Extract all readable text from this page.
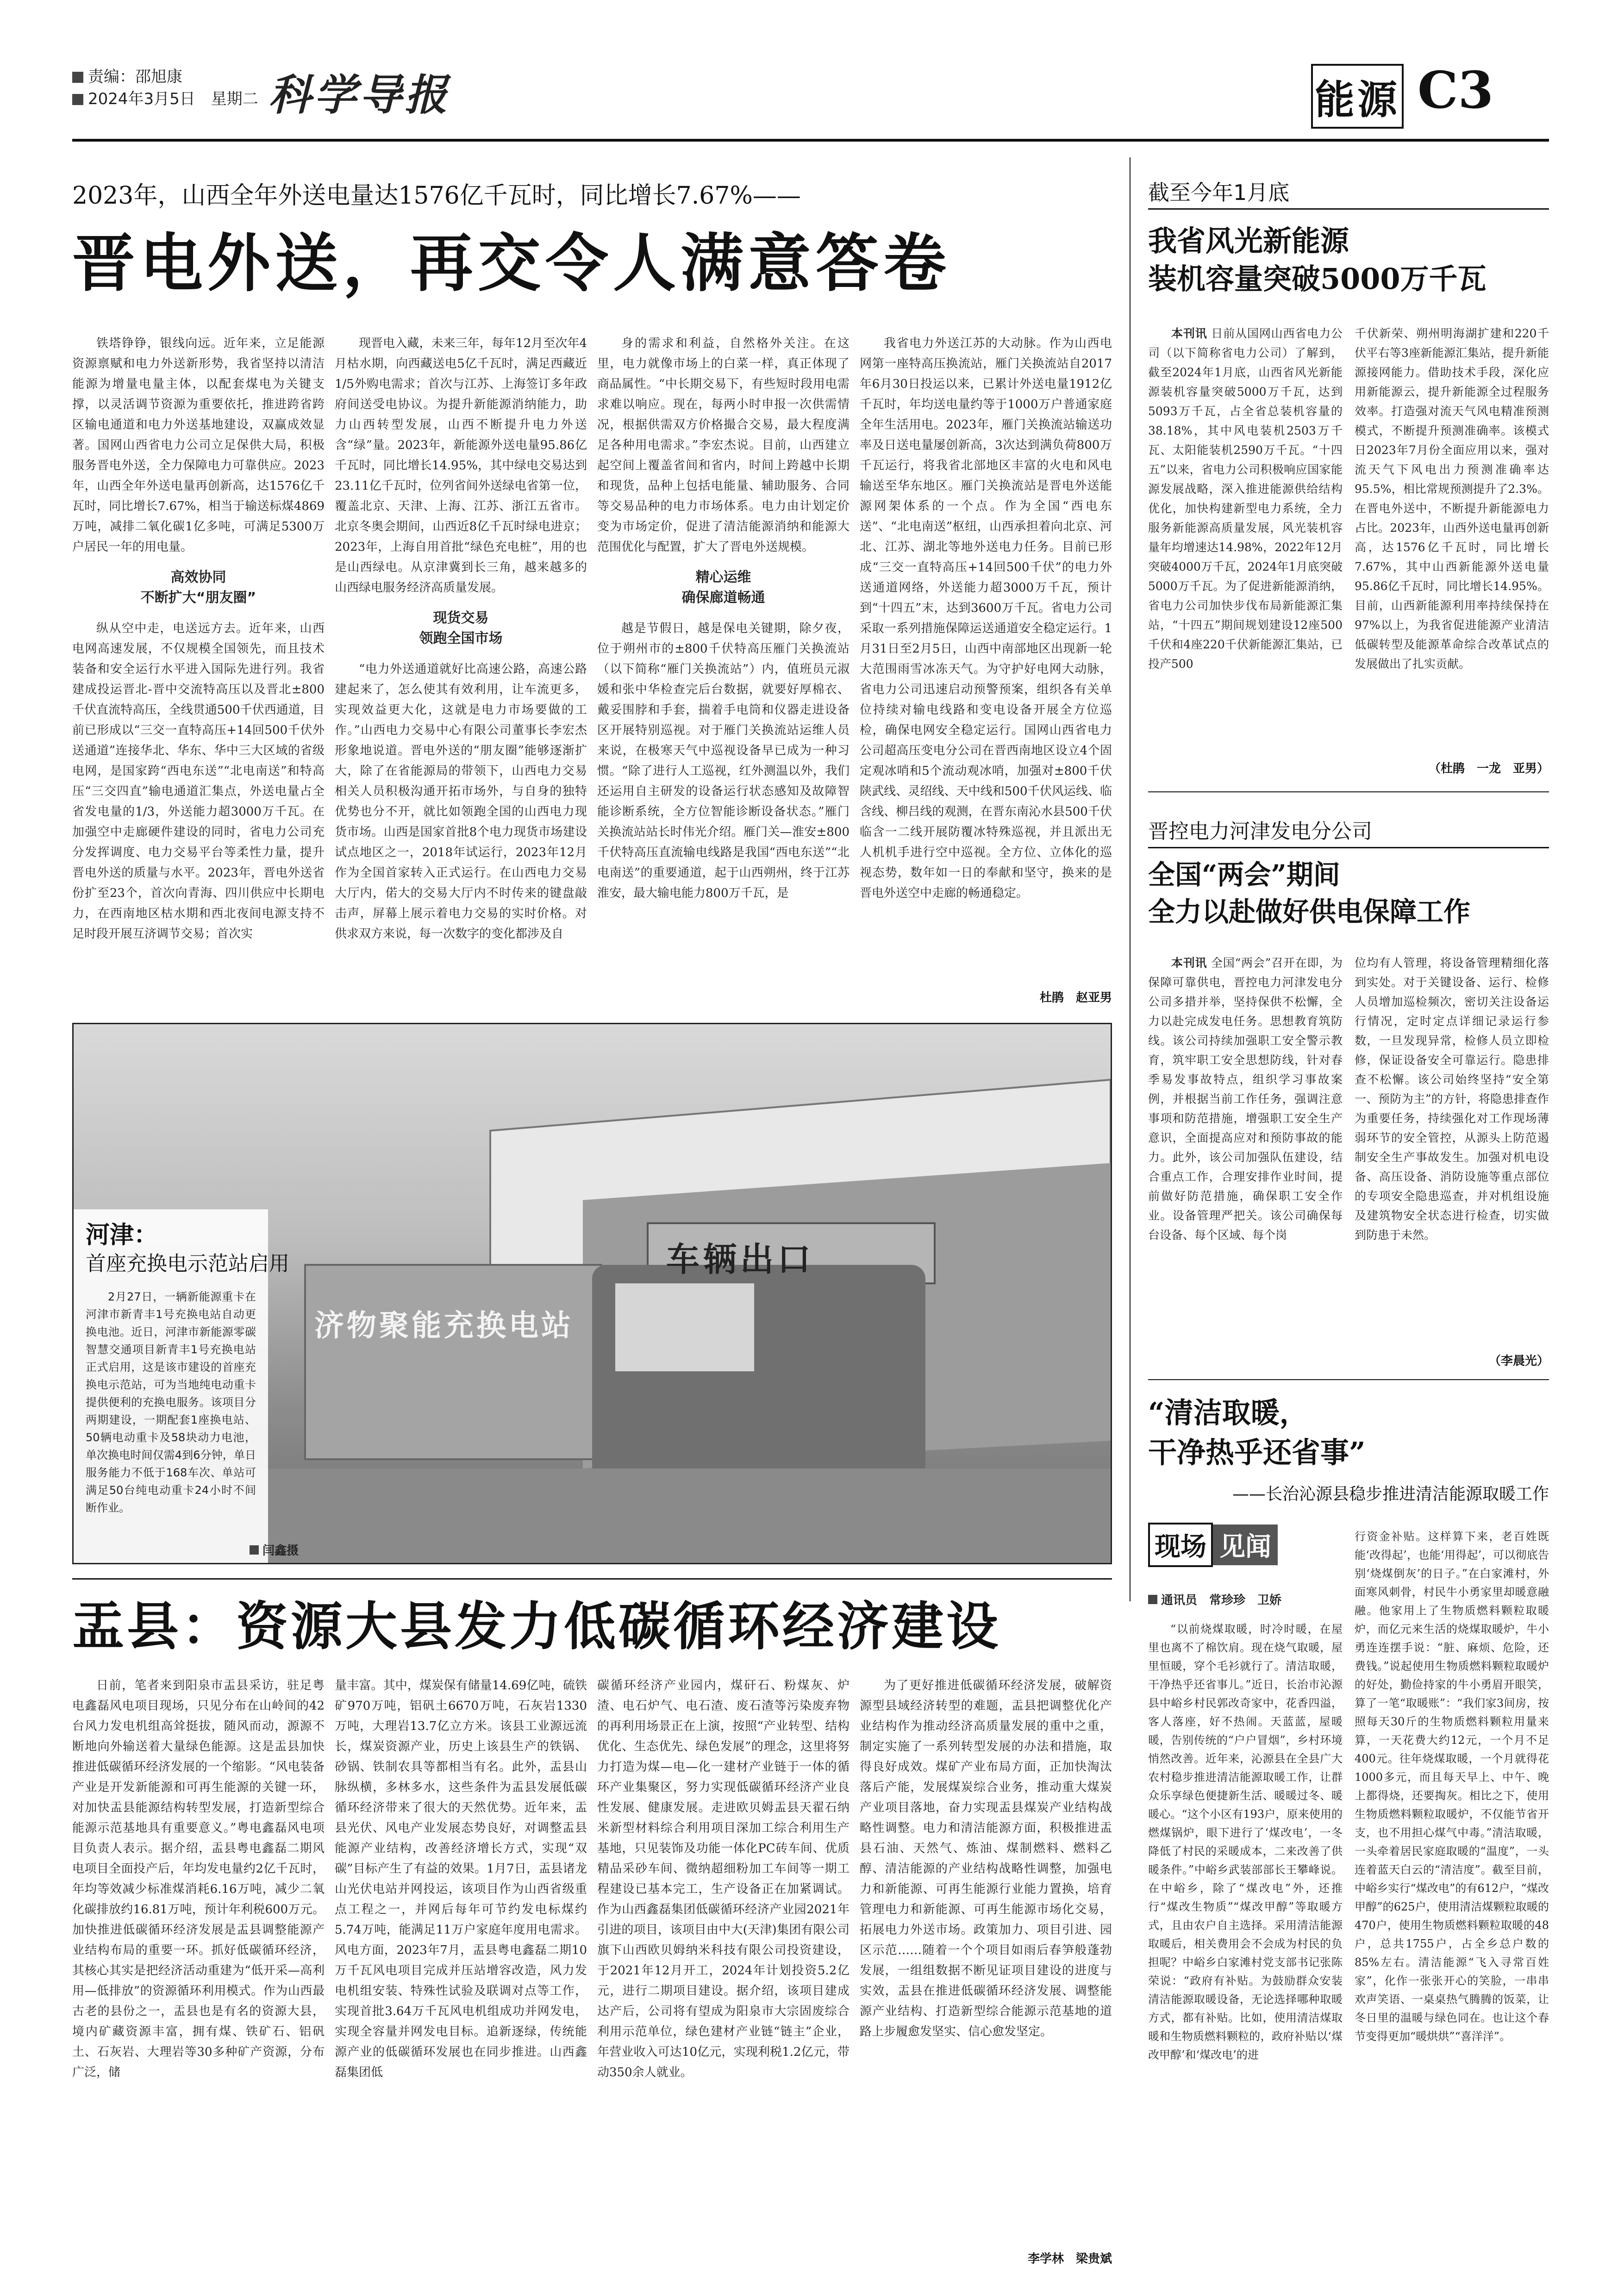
责编：邵旭康
2024年3月5日　星期二 科学导报	能源 C3
2023年，山西全年外送电量达1576亿千瓦时，同比增长7.67%——
晋电外送，再交令人满意答卷

铁塔铮铮，银线向远。近年来，立足能源资源禀赋和电力外送新形势，我省坚持以清洁能源为增量电量主体，以配套煤电为关键支撑，以灵活调节资源为重要依托，推进跨省跨区输电通道和电力外送基地建设，双赢成效显著。国网山西省电力公司立足保供大局，积极服务晋电外送，全力保障电力可靠供应。2023年，山西全年外送电量再创新高，达1576亿千瓦时，同比增长7.67%，相当于输送标煤4869万吨，减排二氧化碳1亿多吨，可满足5300万户居民一年的用电量。

高效协同
不断扩大“朋友圈”

纵从空中走，电送远方去。近年来，山西电网高速发展，不仅规模全国领先，而且技术装备和安全运行水平进入国际先进行列。我省建成投运晋北-晋中交流特高压以及晋北±800千伏直流特高压，全线贯通500千伏西通道，目前已形成以“三交一直特高压+14回500千伏外送通道”连接华北、华东、华中三大区域的省级电网，是国家跨“西电东送”“北电南送”和特高压“三交四直”输电通道汇集点，外送电量占全省发电量的1/3，外送能力超3000万千瓦。在加强空中走廊硬件建设的同时，省电力公司充分发挥调度、电力交易平台等柔性力量，提升晋电外送的质量与水平。2023年，晋电外送省份扩至23个，首次向青海、四川供应中长期电力，在西南地区枯水期和西北夜间电源支持不足时段开展互济调节交易；首次实

现晋电入藏，未来三年，每年12月至次年4月枯水期，向西藏送电5亿千瓦时，满足西藏近1/5外购电需求；首次与江苏、上海签订多年政府间送受电协议。为提升新能源消纳能力，助力山西转型发展，山西不断提升电力外送含“绿”量。2023年，新能源外送电量95.86亿千瓦时，同比增长14.95%，其中绿电交易达到23.11亿千瓦时，位列省间外送绿电省第一位，覆盖北京、天津、上海、江苏、浙江五省市。北京冬奥会期间，山西近8亿千瓦时绿电进京；2023年，上海自用首批“绿色充电桩”，用的也是山西绿电。从京津冀到长三角，越来越多的山西绿电服务经济高质量发展。

现货交易
领跑全国市场

“电力外送通道就好比高速公路，高速公路建起来了，怎么使其有效利用，让车流更多，实现效益更大化，这就是电力市场要做的工作。”山西电力交易中心有限公司董事长李宏杰形象地说道。晋电外送的“朋友圈”能够逐渐扩大，除了在省能源局的带领下，山西电力交易相关人员积极沟通开拓市场外，与自身的独特优势也分不开，就比如领跑全国的山西电力现货市场。山西是国家首批8个电力现货市场建设试点地区之一，2018年试运行，2023年12月作为全国首家转入正式运行。在山西电力交易大厅内，偌大的交易大厅内不时传来的键盘敲击声，屏幕上展示着电力交易的实时价格。对供求双方来说，每一次数字的变化都涉及自

身的需求和利益，自然格外关注。在这里，电力就像市场上的白菜一样，真正体现了商品属性。“中长期交易下，有些短时段用电需求难以响应。现在，每两小时申报一次供需情况，根据供需双方价格撮合交易，最大程度满足各种用电需求。”李宏杰说。目前，山西建立起空间上覆盖省间和省内，时间上跨越中长期和现货，品种上包括电能量、辅助服务、合同等交易品种的电力市场体系。电力由计划定价变为市场定价，促进了清洁能源消纳和能源大范围优化与配置，扩大了晋电外送规模。

精心运维
确保廊道畅通

越是节假日，越是保电关键期，除夕夜，位于朔州市的±800千伏特高压雁门关换流站（以下简称“雁门关换流站”）内，值班员元淑媛和张中华检查完后台数据，就要好厚棉衣、戴妥围脖和手套，揣着手电筒和仪器走进设备区开展特别巡视。对于雁门关换流站运维人员来说，在极寒天气中巡视设备早已成为一种习惯。“除了进行人工巡视，红外测温以外，我们还运用自主研发的设备运行状态感知及故障智能诊断系统，全方位智能诊断设备状态。”雁门关换流站站长时伟光介绍。雁门关—淮安±800千伏特高压直流输电线路是我国“西电东送”“北电南送”的重要通道，起于山西朔州，终于江苏淮安，最大输电能力800万千瓦，是

我省电力外送江苏的大动脉。作为山西电网第一座特高压换流站，雁门关换流站自2017年6月30日投运以来，已累计外送电量1912亿千瓦时，年均送电量约等于1000万户普通家庭全年生活用电。2023年，雁门关换流站输送功率及日送电量屡创新高，3次达到满负荷800万千瓦运行，将我省北部地区丰富的火电和风电输送至华东地区。雁门关换流站是晋电外送能源网架体系的一个点。作为全国“西电东送”、“北电南送”枢纽，山西承担着向北京、河北、江苏、湖北等地外送电力任务。目前已形成“三交一直特高压+14回500千伏”的电力外送通道网络，外送能力超3000万千瓦，预计到“十四五”末，达到3600万千瓦。省电力公司采取一系列措施保障运送通道安全稳定运行。1月31日至2月5日，山西中南部地区出现新一轮大范围雨雪冰冻天气。为守护好电网大动脉，省电力公司迅速启动预警预案，组织各有关单位持续对输电线路和变电设备开展全方位巡检，确保电网安全稳定运行。国网山西省电力公司超高压变电分公司在晋西南地区设立4个固定观冰哨和5个流动观冰哨，加强对±800千伏陕武线、灵绍线、天中线和500千伏风运线、临含线、柳吕线的观测，在晋东南沁水县500千伏临含一二线开展防覆冰特殊巡视，并且派出无人机机手进行空中巡视。全方位、立体化的巡视态势，数年如一日的奉献和坚守，换来的是晋电外送空中走廊的畅通稳定。

杜鹃　赵亚男
车辆出口
济物聚能充换电站
河津：
首座充换电示范站启用
2月27日，一辆新能源重卡在河津市新青丰1号充换电站自动更换电池。近日，河津市新能源零碳智慧交通项目新青丰1号充换电站正式启用，这是该市建设的首座充换电示范站，可为当地纯电动重卡提供便利的充换电服务。该项目分两期建设，一期配套1座换电站、50辆电动重卡及58块动力电池，单次换电时间仅需4到6分钟，单日服务能力不低于168车次、单站可满足50台纯电动重卡24小时不间断作业。
闫鑫摄
截至今年1月底
我省风光新能源
装机容量突破5000万千瓦

本刊讯 日前从国网山西省电力公司（以下简称省电力公司）了解到，截至2024年1月底，山西省风光新能源装机容量突破5000万千瓦，达到5093万千瓦，占全省总装机容量的38.18%，其中风电装机2503万千瓦、太阳能装机2590万千瓦。“十四五”以来，省电力公司积极响应国家能源发展战略，深入推进能源供给结构优化，加快构建新型电力系统，全力服务新能源高质量发展，风光装机容量年均增速达14.98%，2022年12月突破4000万千瓦，2024年1月底突破5000万千瓦。为了促进新能源消纳，省电力公司加快步伐布局新能源汇集站，“十四五”期间规划建设12座500千伏和4座220千伏新能源汇集站，已投产500

千伏新荣、朔州明海湖扩建和220千伏平右等3座新能源汇集站，提升新能源接网能力。借助技术手段，深化应用新能源云，提升新能源全过程服务效率。打造强对流天气风电精准预测模式，不断提升预测准确率。该模式日2023年7月份全面应用以来，强对流天气下风电出力预测准确率达95.5%，相比常规预测提升了2.3%。在晋电外送中，不断提升新能源电力占比。2023年，山西外送电量再创新高，达1576亿千瓦时，同比增长7.67%，其中山西新能源外送电量95.86亿千瓦时，同比增长14.95%。目前，山西新能源利用率持续保持在97%以上，为我省促进能源产业清洁低碳转型及能源革命综合改革试点的发展做出了扎实贡献。

（杜鹃　一龙　亚男）
晋控电力河津发电分公司
全国“两会”期间
全力以赴做好供电保障工作

本刊讯 全国“两会”召开在即，为保障可靠供电，晋控电力河津发电分公司多措并举，坚持保供不松懈，全力以赴完成发电任务。思想教育筑防线。该公司持续加强职工安全警示教育，筑牢职工安全思想防线，针对春季易发事故特点，组织学习事故案例，并根据当前工作任务，强调注意事项和防范措施，增强职工安全生产意识，全面提高应对和预防事故的能力。此外，该公司加强队伍建设，结合重点工作，合理安排作业时间，提前做好防范措施，确保职工安全作业。设备管理严把关。该公司确保每台设备、每个区域、每个岗

位均有人管理，将设备管理精细化落到实处。对于关键设备、运行、检修人员增加巡检频次，密切关注设备运行情况，定时定点详细记录运行参数，一旦发现异常，检修人员立即检修，保证设备安全可靠运行。隐患排查不松懈。该公司始终坚持“安全第一、预防为主”的方针，将隐患排查作为重要任务，持续强化对工作现场薄弱环节的安全管控，从源头上防范遏制安全生产事故发生。加强对机电设备、高压设备、消防设施等重点部位的专项安全隐患巡查，并对机组设施及建筑物安全状态进行检查，切实做到防患于未然。

（李晨光）
“清洁取暖，
干净热乎还省事”
——长治沁源县稳步推进清洁能源取暖工作
现场 见闻
通讯员　常珍珍　卫娇

“以前烧煤取暖，时冷时暖，在屋里也离不了棉饮肩。现在烧气取暖，屋里恒暖，穿个毛衫就行了。清洁取暖，干净热乎还省事儿。”近日，长治市沁源县中峪乡村民郭改奇家中，花香四溢，客人落座，好不热闹。天蓝蓝，屋暖暖，告别传统的“户户冒烟”，乡村环境悄然改善。近年来，沁源县在全县广大农村稳步推进清洁能源取暖工作，让群众乐享绿色便捷新生活、暖暖过冬、暖暖心。“这个小区有193户，原来使用的燃煤锅炉，眼下进行了‘煤改电’，一冬降低了村民的采暖成本，二来改善了供暖条件。”中峪乡武装部部长王攀峰说。在中峪乡，除了“煤改电”外，还推行“煤改生物质”“煤改甲醇”等取暖方式，且由农户自主选择。采用清洁能源取暖后，相关费用会不会成为村民的负担呢？中峪乡白家滩村党支部书记张陈荣说：“政府有补贴。为鼓励群众安装清洁能源取暖设备，无论选择哪种取暖方式，都有补贴。比如，使用清洁煤取暖和生物质燃料颗粒的，政府补贴以‘煤改甲醇’和‘煤改电’的进

行资金补贴。这样算下来，老百姓既能‘改得起’，也能‘用得起’，可以彻底告别‘烧煤倒灰’的日子。”在白家滩村，外面寒风刺骨，村民牛小勇家里却暖意融融。他家用上了生物质燃料颗粒取暖炉，而亿元来生活的烧煤取暖炉，牛小勇连连摆手说：“脏、麻烦、危险，还费钱。”说起使用生物质燃料颗粒取暖炉的好处，勤俭持家的牛小勇眉开眼笑，算了一笔“取暖账”：“我们家3间房，按照每天30斤的生物质燃料颗粒用量来算，一天花费大约12元，一个月不足400元。往年烧煤取暖，一个月就得花1000多元，而且每天早上、中午、晚上都得烧，还要掏灰。相比之下，使用生物质燃料颗粒取暖炉，不仅能节省开支，也不用担心煤气中毒。”清洁取暖，一头牵着居民家庭取暖的“温度”，一头连着蓝天白云的“清洁度”。截至目前，中峪乡实行“煤改电”的有612户，“煤改甲醇”的625户，使用清洁煤颗粒取暖的470户，使用生物质燃料颗粒取暖的48户，总共1755户，占全乡总户数的85%左右。清洁能源“飞入寻常百姓家”，化作一张张开心的笑脸，一串串欢声笑语、一桌桌热气腾腾的饭菜，让冬日里的温暖与绿色同在。也让这个春节变得更加“暖烘烘”“喜洋洋”。

盂县：资源大县发力低碳循环经济建设

日前，笔者来到阳泉市盂县采访，驻足粤电鑫磊风电项目现场，只见分布在山岭间的42台风力发电机组高耸挺拔，随风而动，源源不断地向外输送着大量绿色能源。这是盂县加快推进低碳循环经济发展的一个缩影。“风电装备产业是开发新能源和可再生能源的关键一环，对加快盂县能源结构转型发展，打造新型综合能源示范基地具有重要意义。”粤电鑫磊风电项目负责人表示。据介绍，盂县粤电鑫磊二期风电项目全面投产后，年均发电量约2亿千瓦时，年均等效减少标准煤消耗6.16万吨，减少二氧化碳排放约16.81万吨，预计年利税600万元。加快推进低碳循环经济发展是盂县调整能源产业结构布局的重要一环。抓好低碳循环经济，其核心其实是把经济活动重建为“低开采—高利用—低排放”的资源循环利用模式。作为山西最古老的县份之一，盂县也是有名的资源大县，境内矿藏资源丰富，拥有煤、铁矿石、铝矾土、石灰岩、大理岩等30多种矿产资源，分布广泛，储

量丰富。其中，煤炭保有储量14.69亿吨，硫铁矿970万吨，铝矾土6670万吨，石灰岩1330万吨，大理岩13.7亿立方米。该县工业源远流长，煤炭资源产业，历史上该县生产的铁锅、砂锅、铁制农具等都相当有名。此外，盂县山脉纵横，多林多水，这些条件为盂县发展低碳循环经济带来了很大的天然优势。近年来，盂县光伏、风电产业发展态势良好，对调整盂县能源产业结构，改善经济增长方式，实现“双碳”目标产生了有益的效果。1月7日，盂县诸龙山光伏电站并网投运，该项目作为山西省级重点工程之一，并网后每年可节约发电标煤约5.74万吨，能满足11万户家庭年度用电需求。风电方面，2023年7月，盂县粤电鑫磊二期10万千瓦风电项目完成并压站增容改造，风力发电机组安装、特殊性试验及联调对点等工作，实现首批3.64万千瓦风电机组成功并网发电，实现全容量并网发电目标。追新逐绿，传统能源产业的低碳循环发展也在同步推进。山西鑫磊集团低

碳循环经济产业园内，煤矸石、粉煤灰、炉渣、电石炉气、电石渣、废石渣等污染废弃物的再利用场景正在上演，按照“产业转型、结构优化、生态优先、绿色发展”的理念，这里将努力打造为煤—电—化一建材产业链于一体的循环产业集聚区，努力实现低碳循环经济产业良性发展、健康发展。走进欧贝姆盂县天翟石纳米新型材料综合利用项目深加工综合利用生产基地，只见装饰及功能一体化PC砖车间、优质精品采砂车间、微纳超细粉加工车间等一期工程建设已基本完工，生产设备正在加紧调试。作为山西鑫磊集团低碳循环经济产业园2021年引进的项目，该项目由中大(天津)集团有限公司旗下山西欧贝姆纳米科技有限公司投资建设，于2021年12月开工，2024年计划投资5.2亿元，进行二期项目建设。据介绍，该项目建成达产后，公司将有望成为阳泉市大宗固废综合利用示范单位，绿色建材产业链“链主”企业，年营业收入可达10亿元，实现利税1.2亿元，带动350余人就业。

为了更好推进低碳循环经济发展，破解资源型县域经济转型的难题，盂县把调整优化产业结构作为推动经济高质量发展的重中之重，制定实施了一系列转型发展的办法和措施，取得良好成效。煤矿产业布局方面，正加快淘汰落后产能，发展煤炭综合业务，推动重大煤炭产业项目落地，奋力实现盂县煤炭产业结构战略性调整。电力和清洁能源方面，积极推进盂县石油、天然气、炼油、煤制燃料、燃料乙醇、清洁能源的产业结构战略性调整，加强电力和新能源、可再生能源行业能力置换，培育管理电力和新能源、可再生能源市场化交易，拓展电力外送市场。政策加力、项目引进、园区示范……随着一个个项目如雨后春笋般蓬勃发展，一组组数据不断见证项目建设的进度与实效，盂县在推进低碳循环经济发展、调整能源产业结构、打造新型综合能源示范基地的道路上步履愈发坚实、信心愈发坚定。

李学林　梁贵斌
